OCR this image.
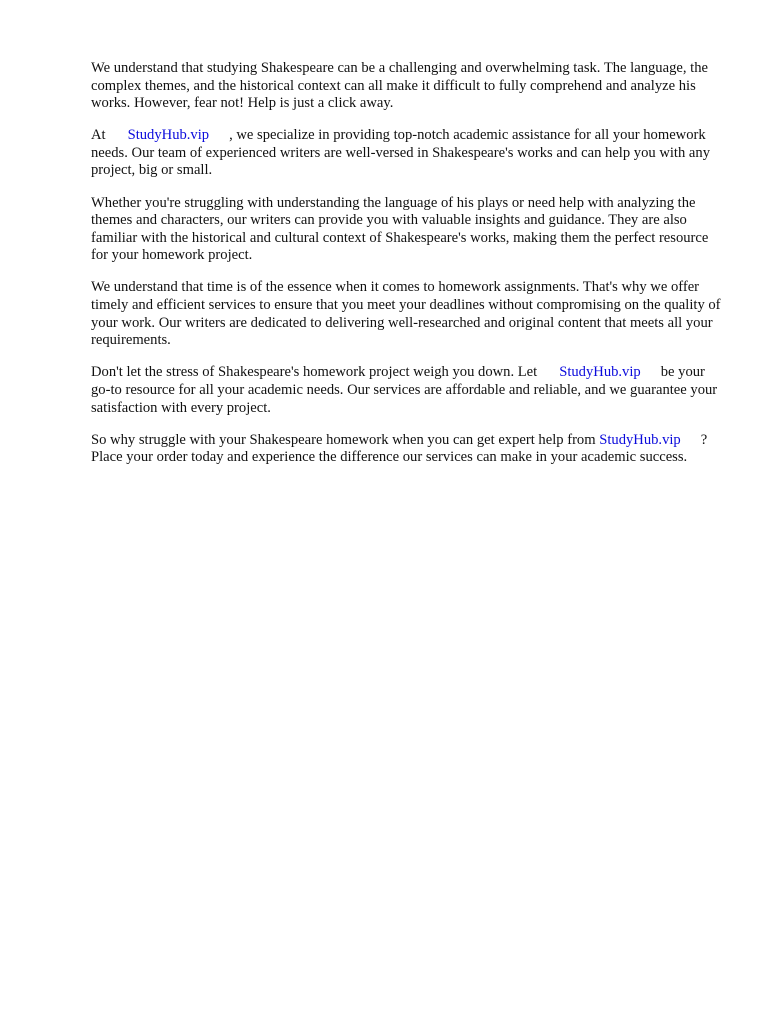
We understand that studying Shakespeare can be a challenging and overwhelming task. The language, the complex themes, and the historical context can all make it difficult to fully comprehend and analyze his works. However, fear not! Help is just a click away.

At StudyHub.vip , we specialize in providing top-notch academic assistance for all your homework needs. Our team of experienced writers are well-versed in Shakespeare's works and can help you with any project, big or small.

Whether you're struggling with understanding the language of his plays or need help with analyzing the themes and characters, our writers can provide you with valuable insights and guidance. They are also familiar with the historical and cultural context of Shakespeare's works, making them the perfect resource for your homework project.

We understand that time is of the essence when it comes to homework assignments. That's why we offer timely and efficient services to ensure that you meet your deadlines without compromising on the quality of your work. Our writers are dedicated to delivering well-researched and original content that meets all your requirements.

Don't let the stress of Shakespeare's homework project weigh you down. Let StudyHub.vip be your go-to resource for all your academic needs. Our services are affordable and reliable, and we guarantee your satisfaction with every project.

So why struggle with your Shakespeare homework when you can get expert help from StudyHub.vip ? Place your order today and experience the difference our services can make in your academic success.
